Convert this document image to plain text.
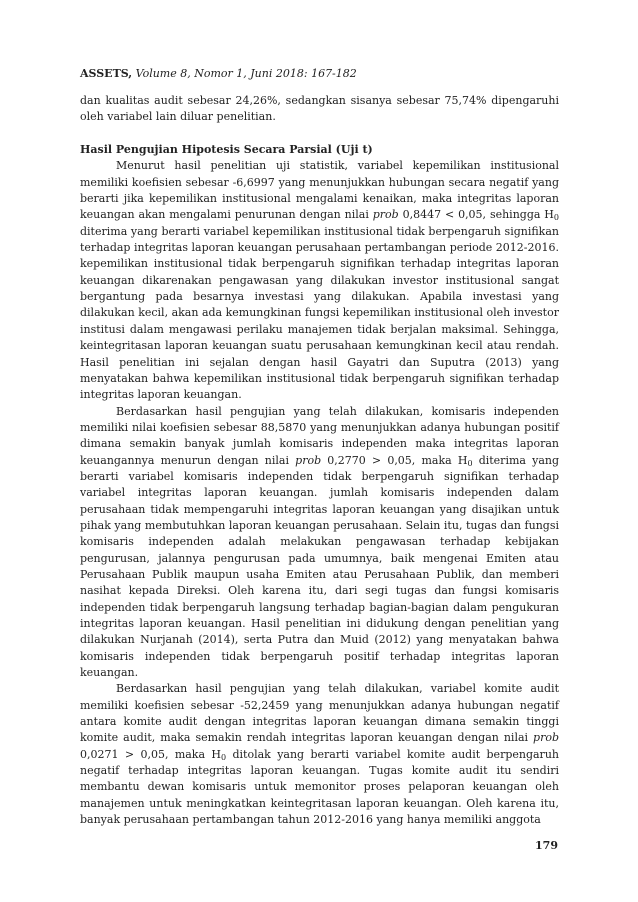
ASSETS, Volume 8, Nomor 1, Juni 2018: 167-182

dan kualitas audit sebesar 24,26%, sedangkan sisanya sebesar 75,74% dipengaruhi oleh variabel lain diluar penelitian.

Hasil Pengujian Hipotesis Secara Parsial (Uji t)

Menurut hasil penelitian uji statistik, variabel kepemilikan institusional memiliki koefisien sebesar -6,6997 yang menunjukkan hubungan secara negatif yang berarti jika kepemilikan institusional mengalami kenaikan, maka integritas laporan keuangan akan mengalami penurunan dengan nilai prob 0,8447 < 0,05, sehingga $H_0$ diterima yang berarti variabel kepemilikan institusional tidak berpengaruh signifikan terhadap integritas laporan keuangan perusahaan pertambangan periode 2012-2016. kepemilikan institusional tidak berpengaruh signifikan terhadap integritas laporan keuangan dikarenakan pengawasan yang dilakukan investor institusional sangat bergantung pada besarnya investasi yang dilakukan. Apabila investasi yang dilakukan kecil, akan ada kemungkinan fungsi kepemilikan institusional oleh investor institusi dalam mengawasi perilaku manajemen tidak berjalan maksimal. Sehingga, keintegritasan laporan keuangan suatu perusahaan kemungkinan kecil atau rendah. Hasil penelitian ini sejalan dengan hasil Gayatri dan Suputra (2013) yang menyatakan bahwa kepemilikan institusional tidak berpengaruh signifikan terhadap integritas laporan keuangan.

Berdasarkan hasil pengujian yang telah dilakukan, komisaris independen memiliki nilai koefisien sebesar 88,5870 yang menunjukkan adanya hubungan positif dimana semakin banyak jumlah komisaris independen maka integritas laporan keuangannya menurun dengan nilai prob 0,2770 > 0,05, maka $H_0$ diterima yang berarti variabel komisaris independen tidak berpengaruh signifikan terhadap variabel integritas laporan keuangan. jumlah komisaris independen dalam perusahaan tidak mempengaruhi integritas laporan keuangan yang disajikan untuk pihak yang membutuhkan laporan keuangan perusahaan. Selain itu, tugas dan fungsi komisaris independen adalah melakukan pengawasan terhadap kebijakan pengurusan, jalannya pengurusan pada umumnya, baik mengenai Emiten atau Perusahaan Publik maupun usaha Emiten atau Perusahaan Publik, dan memberi nasihat kepada Direksi. Oleh karena itu, dari segi tugas dan fungsi komisaris independen tidak berpengaruh langsung terhadap bagian-bagian dalam pengukuran integritas laporan keuangan. Hasil penelitian ini didukung dengan penelitian yang dilakukan Nurjanah (2014), serta Putra dan Muid (2012) yang menyatakan bahwa komisaris independen tidak berpengaruh positif terhadap integritas laporan keuangan.

Berdasarkan hasil pengujian yang telah dilakukan, variabel komite audit memiliki koefisien sebesar -52,2459 yang menunjukkan adanya hubungan negatif antara komite audit dengan integritas laporan keuangan dimana semakin tinggi komite audit, maka semakin rendah integritas laporan keuangan dengan nilai prob 0,0271 > 0,05, maka $H_0$ ditolak yang berarti variabel komite audit berpengaruh negatif terhadap integritas laporan keuangan. Tugas komite audit itu sendiri membantu dewan komisaris untuk memonitor proses pelaporan keuangan oleh manajemen untuk meningkatkan keintegritasan laporan keuangan. Oleh karena itu, banyak perusahaan pertambangan tahun 2012-2016 yang hanya memiliki anggota

179
